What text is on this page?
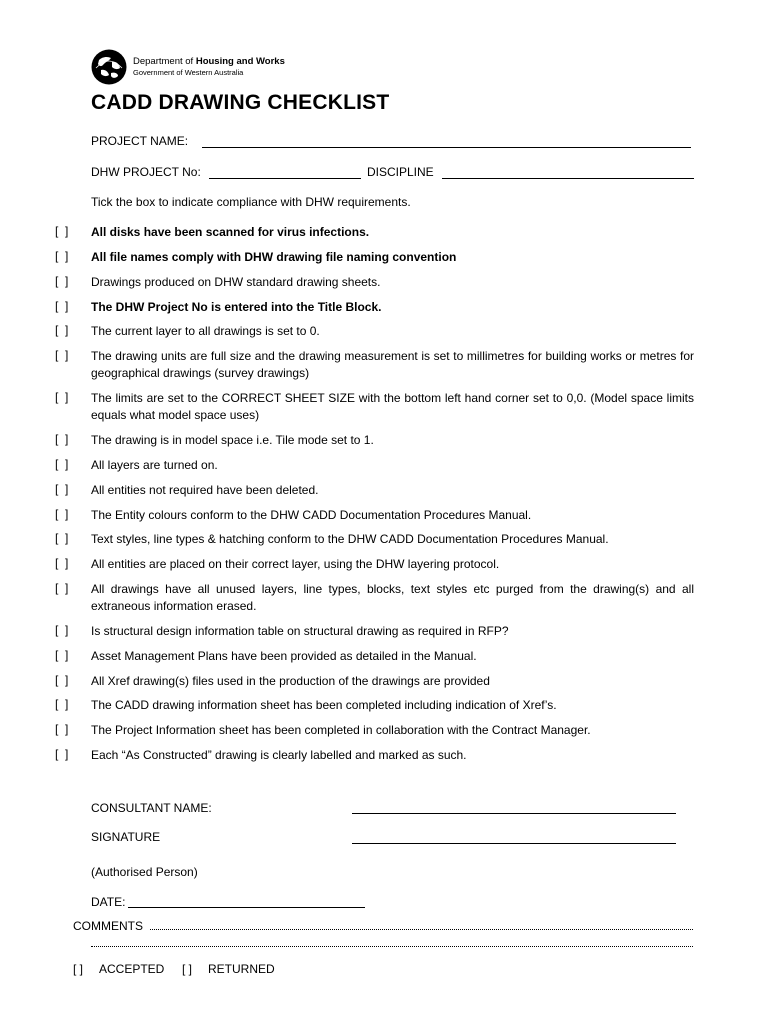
Department of Housing and Works
Government of Western Australia
CADD DRAWING CHECKLIST
PROJECT NAME:
DHW PROJECT No:	DISCIPLINE
Tick the box to indicate compliance with DHW requirements.
[  ] All disks have been scanned for virus infections.
[  ] All file names comply with DHW drawing file naming convention
[  ] Drawings produced on DHW standard drawing sheets.
[  ] The DHW Project No is entered into the Title Block.
[  ] The current layer to all drawings is set to 0.
[  ] The drawing units are full size and the drawing measurement is set to millimetres for building works or metres for geographical drawings (survey drawings)
[  ] The limits are set to the CORRECT SHEET SIZE with the bottom left hand corner set to 0,0. (Model space limits equals what model space uses)
[  ] The drawing is in model space i.e. Tile mode set to 1.
[  ] All layers are turned on.
[  ] All entities not required have been deleted.
[  ] The Entity colours conform to the DHW CADD Documentation Procedures Manual.
[  ] Text styles, line types & hatching conform to the DHW CADD Documentation Procedures Manual.
[  ] All entities are placed on their correct layer, using the DHW layering protocol.
[  ] All drawings have all unused layers, line types, blocks, text styles etc purged from the drawing(s) and all extraneous information erased.
[  ] Is structural design information table on structural drawing as required in RFP?
[  ] Asset Management Plans have been provided as detailed in the Manual.
[  ] All Xref drawing(s) files used in the production of the drawings are provided
[  ] The CADD drawing information sheet has been completed including indication of Xref’s.
[  ] The Project Information sheet has been completed in collaboration with the Contract Manager.
[  ] Each “As Constructed” drawing is clearly labelled and marked as such.
CONSULTANT NAME:
SIGNATURE
(Authorised Person)
DATE:
COMMENTS
[ ] ACCEPTED [ ] RETURNED
